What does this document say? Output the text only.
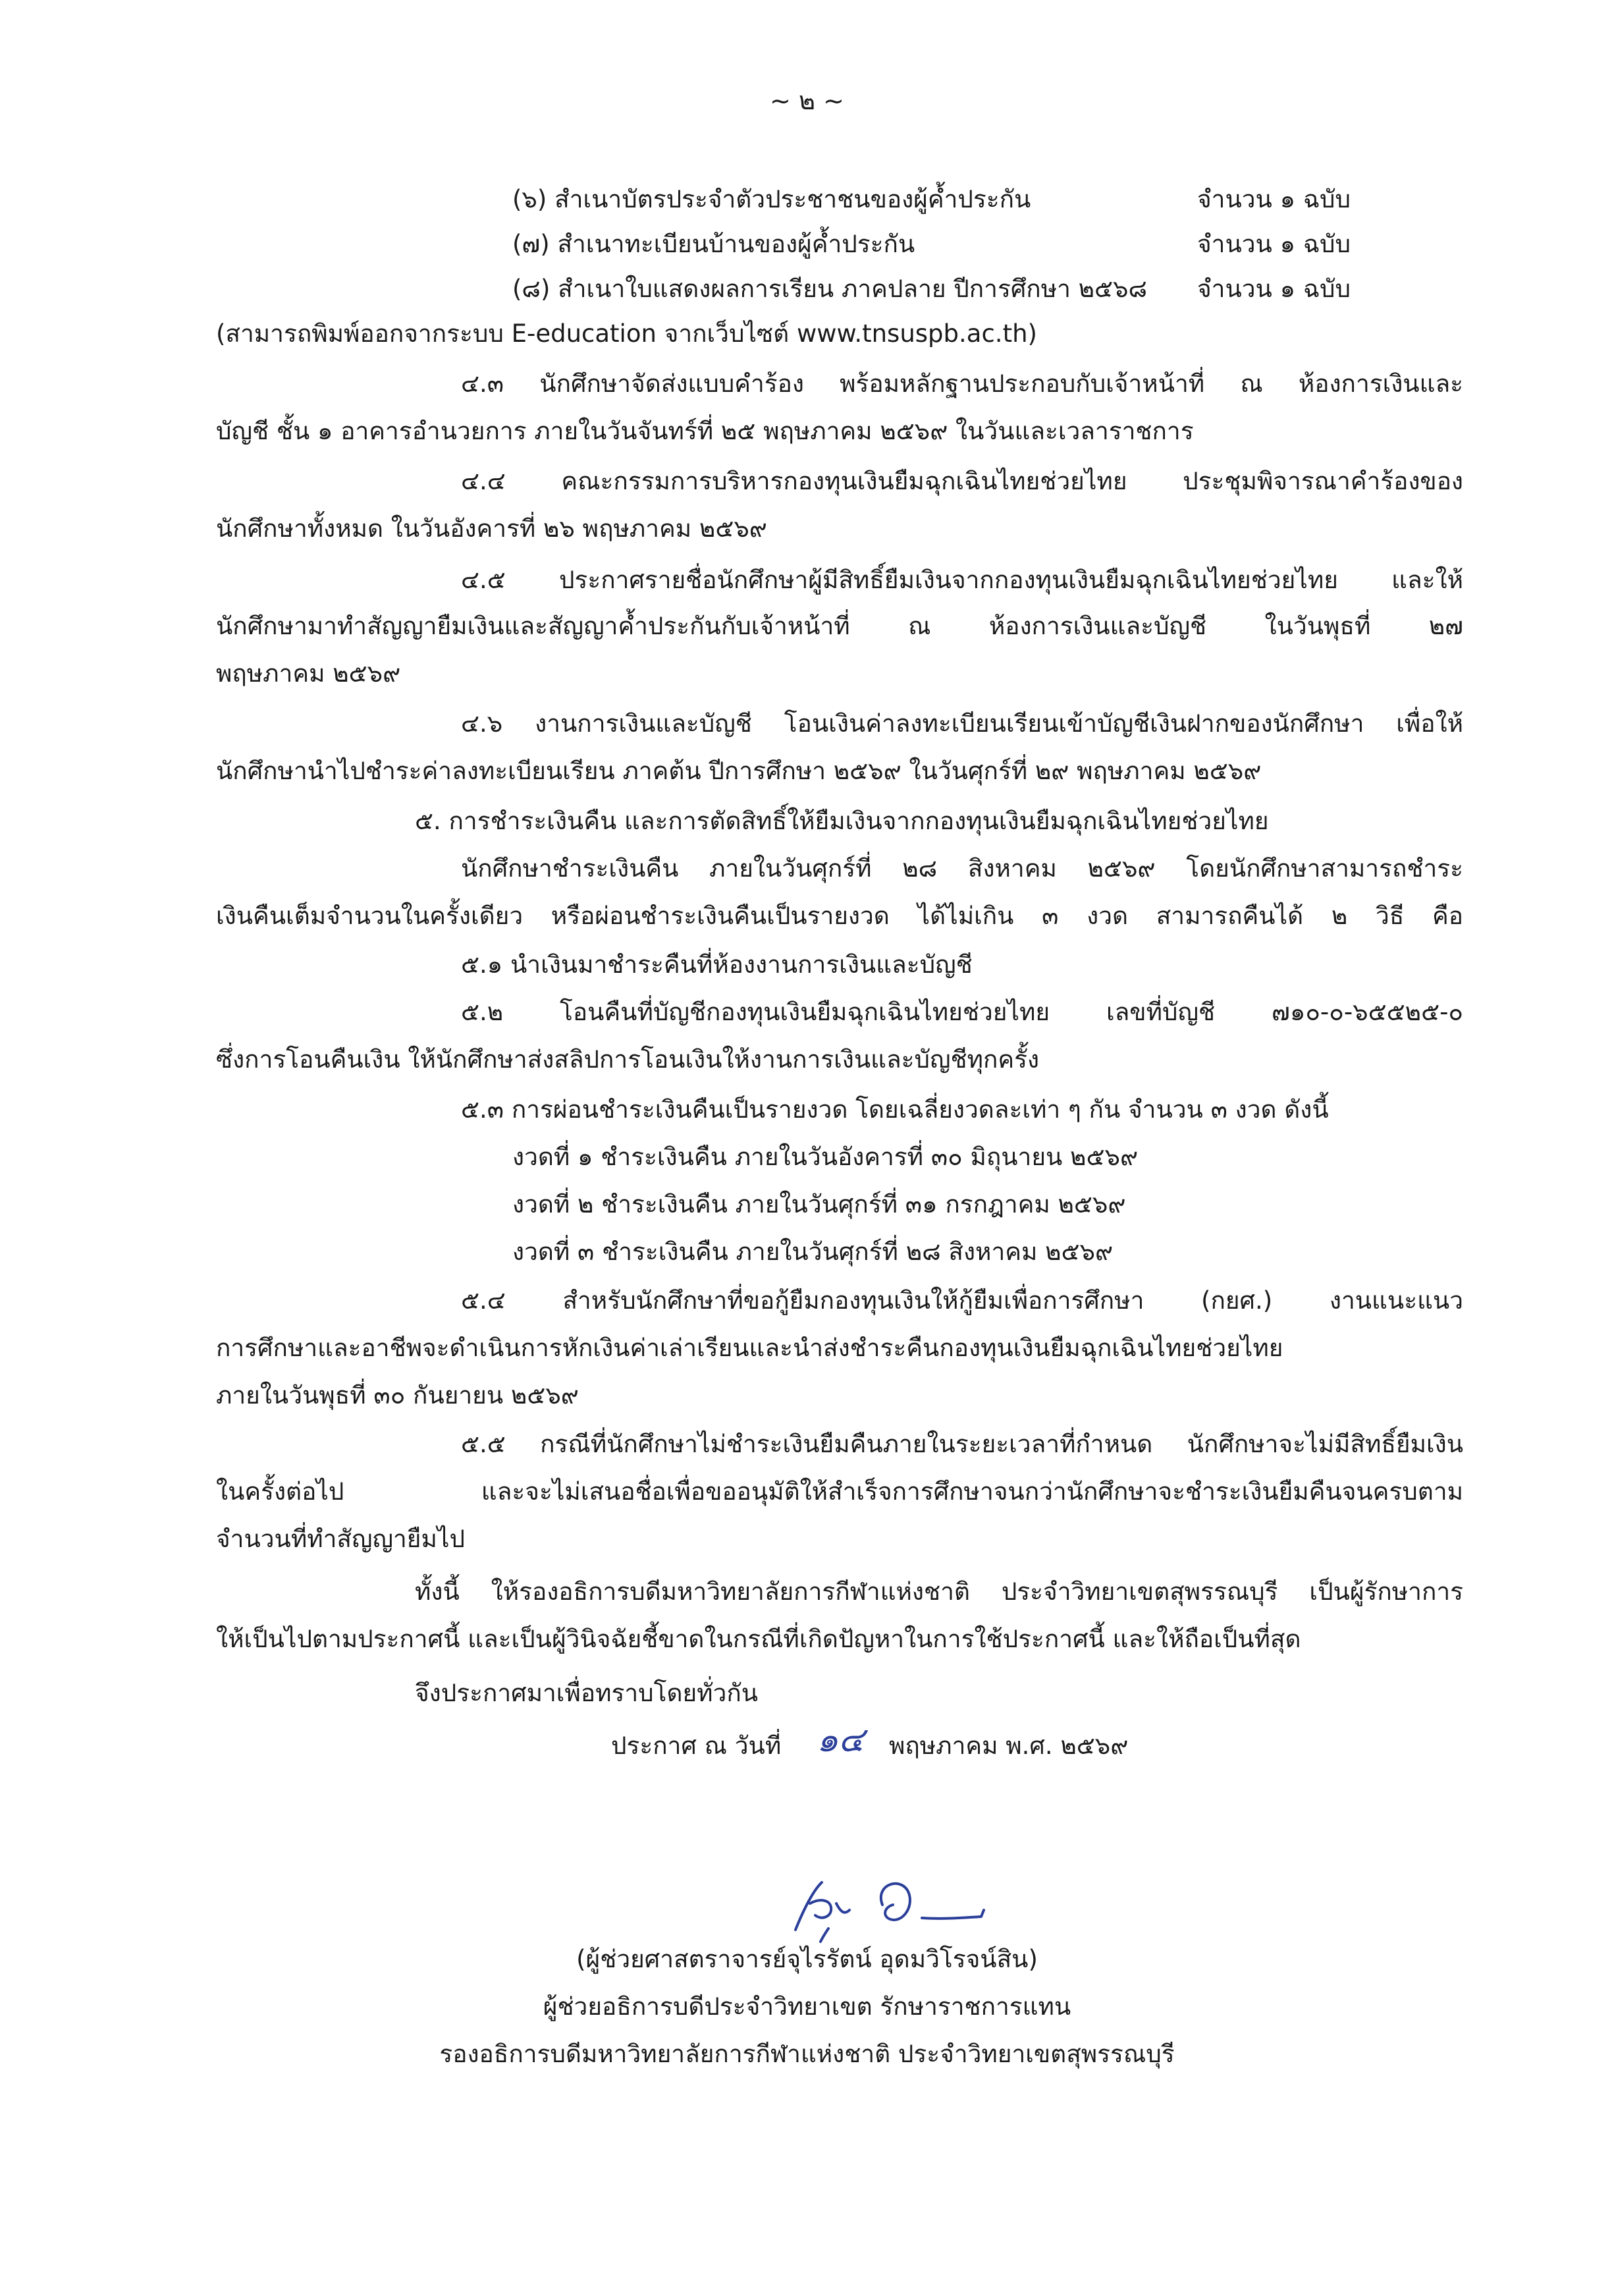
~ ๒ ~
(๖) สำเนาบัตรประจำตัวประชาชนของผู้ค้ำประกัน	จำนวน ๑ ฉบับ
(๗) สำเนาทะเบียนบ้านของผู้ค้ำประกัน	จำนวน ๑ ฉบับ
(๘) สำเนาใบแสดงผลการเรียน ภาคปลาย ปีการศึกษา ๒๕๖๘ จำนวน ๑ ฉบับ
(สามารถพิมพ์ออกจากระบบ E-education จากเว็บไซต์ www.tnsuspb.ac.th)
๔.๓ นักศึกษาจัดส่งแบบคำร้อง พร้อมหลักฐานประกอบกับเจ้าหน้าที่ ณ ห้องการเงินและ
บัญชี ชั้น ๑ อาคารอำนวยการ ภายในวันจันทร์ที่ ๒๕ พฤษภาคม ๒๕๖๙ ในวันและเวลาราชการ
๔.๔ คณะกรรมการบริหารกองทุนเงินยืมฉุกเฉินไทยช่วยไทย ประชุมพิจารณาคำร้องของ
นักศึกษาทั้งหมด ในวันอังคารที่ ๒๖ พฤษภาคม ๒๕๖๙
๔.๕ ประกาศรายชื่อนักศึกษาผู้มีสิทธิ์ยืมเงินจากกองทุนเงินยืมฉุกเฉินไทยช่วยไทย และให้
นักศึกษามาทำสัญญายืมเงินและสัญญาค้ำประกันกับเจ้าหน้าที่ ณ ห้องการเงินและบัญชี ในวันพุธที่ ๒๗
พฤษภาคม ๒๕๖๙
๔.๖ งานการเงินและบัญชี โอนเงินค่าลงทะเบียนเรียนเข้าบัญชีเงินฝากของนักศึกษา เพื่อให้
นักศึกษานำไปชำระค่าลงทะเบียนเรียน ภาคต้น ปีการศึกษา ๒๕๖๙ ในวันศุกร์ที่ ๒๙ พฤษภาคม ๒๕๖๙
๕. การชำระเงินคืน และการตัดสิทธิ์ให้ยืมเงินจากกองทุนเงินยืมฉุกเฉินไทยช่วยไทย
นักศึกษาชำระเงินคืน ภายในวันศุกร์ที่ ๒๘ สิงหาคม ๒๕๖๙ โดยนักศึกษาสามารถชำระ
เงินคืนเต็มจำนวนในครั้งเดียว หรือผ่อนชำระเงินคืนเป็นรายงวด ได้ไม่เกิน ๓ งวด สามารถคืนได้ ๒ วิธี คือ
๕.๑ นำเงินมาชำระคืนที่ห้องงานการเงินและบัญชี
๕.๒ โอนคืนที่บัญชีกองทุนเงินยืมฉุกเฉินไทยช่วยไทย เลขที่บัญชี ๗๑๐-๐-๖๕๕๒๕-๐
ซึ่งการโอนคืนเงิน ให้นักศึกษาส่งสลิปการโอนเงินให้งานการเงินและบัญชีทุกครั้ง
๕.๓ การผ่อนชำระเงินคืนเป็นรายงวด โดยเฉลี่ยงวดละเท่า ๆ กัน จำนวน ๓ งวด ดังนี้
งวดที่ ๑ ชำระเงินคืน ภายในวันอังคารที่ ๓๐ มิถุนายน ๒๕๖๙
งวดที่ ๒ ชำระเงินคืน ภายในวันศุกร์ที่ ๓๑ กรกฎาคม ๒๕๖๙
งวดที่ ๓ ชำระเงินคืน ภายในวันศุกร์ที่ ๒๘ สิงหาคม ๒๕๖๙
๕.๔ สำหรับนักศึกษาที่ขอกู้ยืมกองทุนเงินให้กู้ยืมเพื่อการศึกษา (กยศ.) งานแนะแนว
การศึกษาและอาชีพจะดำเนินการหักเงินค่าเล่าเรียนและนำส่งชำระคืนกองทุนเงินยืมฉุกเฉินไทยช่วยไทย
ภายในวันพุธที่ ๓๐ กันยายน ๒๕๖๙
๕.๕ กรณีที่นักศึกษาไม่ชำระเงินยืมคืนภายในระยะเวลาที่กำหนด นักศึกษาจะไม่มีสิทธิ์ยืมเงิน
ในครั้งต่อไป และจะไม่เสนอชื่อเพื่อขออนุมัติให้สำเร็จการศึกษาจนกว่านักศึกษาจะชำระเงินยืมคืนจนครบตาม
จำนวนที่ทำสัญญายืมไป
ทั้งนี้ ให้รองอธิการบดีมหาวิทยาลัยการกีฬาแห่งชาติ ประจำวิทยาเขตสุพรรณบุรี เป็นผู้รักษาการ
ให้เป็นไปตามประกาศนี้ และเป็นผู้วินิจฉัยชี้ขาดในกรณีที่เกิดปัญหาในการใช้ประกาศนี้ และให้ถือเป็นที่สุด
จึงประกาศมาเพื่อทราบโดยทั่วกัน
ประกาศ ณ วันที่ ๑๔ พฤษภาคม พ.ศ. ๒๕๖๙
(ผู้ช่วยศาสตราจารย์จุไรรัตน์ อุดมวิโรจน์สิน)
ผู้ช่วยอธิการบดีประจำวิทยาเขต รักษาราชการแทน
รองอธิการบดีมหาวิทยาลัยการกีฬาแห่งชาติ ประจำวิทยาเขตสุพรรณบุรี
